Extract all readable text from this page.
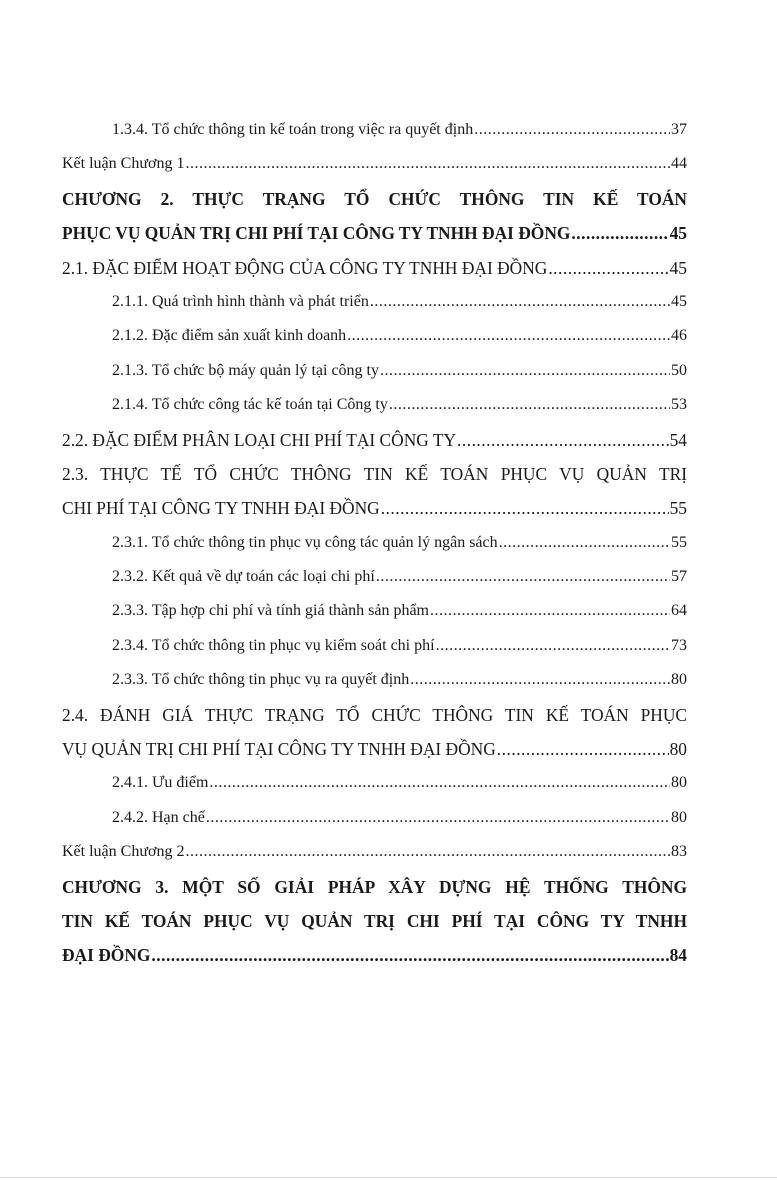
1.3.4. Tổ chức thông tin kế toán trong việc ra quyết định .....	37
Kết luận Chương 1 .....	44
CHƯƠNG 2. THỰC TRẠNG TỔ CHỨC THÔNG TIN KẾ TOÁN
PHỤC VỤ QUẢN TRỊ CHI PHÍ TẠI CÔNG TY TNHH ĐẠI ĐỒNG .....	45
2.1. ĐẶC ĐIỂM HOẠT ĐỘNG CỦA CÔNG TY TNHH ĐẠI ĐỒNG .....	45
2.1.1. Quá trình hình thành và phát triển .....	45
2.1.2. Đặc điểm sản xuất kinh doanh .....	46
2.1.3. Tổ chức bộ máy quản lý tại công ty .....	50
2.1.4. Tổ chức công tác kế toán tại Công ty .....	53
2.2. ĐẶC ĐIỂM PHÂN LOẠI CHI PHÍ TẠI CÔNG TY .....	54
2.3. THỰC TẾ TỔ CHỨC THÔNG TIN KẾ TOÁN PHỤC VỤ QUẢN TRỊ
CHI PHÍ TẠI CÔNG TY TNHH ĐẠI ĐỒNG .....	55
2.3.1. Tổ chức thông tin phục vụ công tác quản lý ngân sách .....	55
2.3.2. Kết quả về dự toán các loại chi phí .....	57
2.3.3. Tập hợp chi phí và tính giá thành sản phẩm .....	64
2.3.4. Tổ chức thông tin phục vụ kiểm soát chi phí .....	73
2.3.3. Tổ chức thông tin phục vụ ra quyết định .....	80
2.4. ĐÁNH GIÁ THỰC TRẠNG TỔ CHỨC THÔNG TIN KẾ TOÁN PHỤC
VỤ QUẢN TRỊ CHI PHÍ TẠI CÔNG TY TNHH ĐẠI ĐỒNG .....	80
2.4.1. Ưu điểm .....	80
2.4.2. Hạn chế .....	80
Kết luận Chương 2 .....	83
CHƯƠNG 3. MỘT SỐ GIẢI PHÁP XÂY DỰNG HỆ THỐNG THÔNG
TIN KẾ TOÁN PHỤC VỤ QUẢN TRỊ CHI PHÍ TẠI CÔNG TY TNHH
ĐẠI ĐỒNG .....	84
